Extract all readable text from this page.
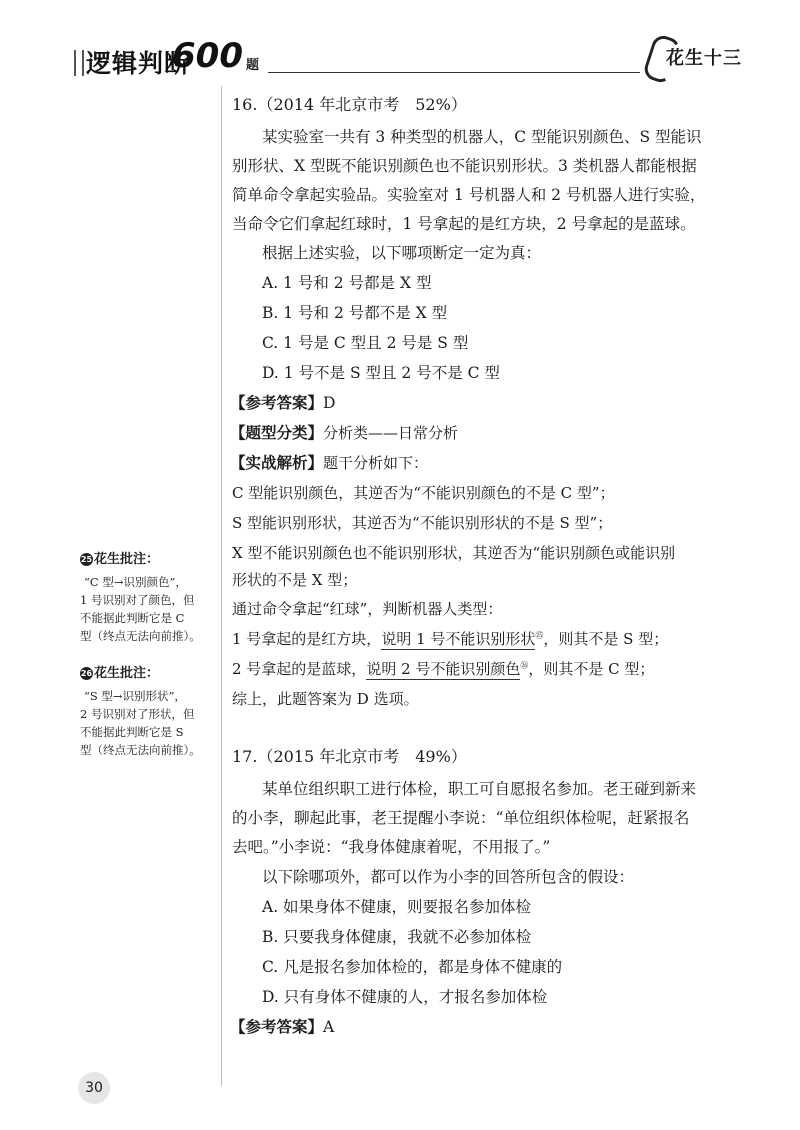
逻辑判断
600 题	花生十三
16.（2014 年北京市考　52%）
某实验室一共有 3 种类型的机器人，C 型能识别颜色、S 型能识
别形状、X 型既不能识别颜色也不能识别形状。3 类机器人都能根据
简单命令拿起实验品。实验室对 1 号机器人和 2 号机器人进行实验，
当命令它们拿起红球时，1 号拿起的是红方块，2 号拿起的是蓝球。
根据上述实验，以下哪项断定一定为真：
A. 1 号和 2 号都是 X 型
B. 1 号和 2 号都不是 X 型
C. 1 号是 C 型且 2 号是 S 型
D. 1 号不是 S 型且 2 号不是 C 型
【参考答案】D
【题型分类】分析类——日常分析
【实战解析】题干分析如下：
C 型能识别颜色，其逆否为“不能识别颜色的不是 C 型”；
S 型能识别形状，其逆否为“不能识别形状的不是 S 型”；
X 型不能识别颜色也不能识别形状，其逆否为“能识别颜色或能识别
形状的不是 X 型；
通过命令拿起“红球”，判断机器人类型：
1 号拿起的是红方块，说明 1 号不能识别形状$^㉕$，则其不是 S 型；
2 号拿起的是蓝球，说明 2 号不能识别颜色$^㉖$，则其不是 C 型；
综上，此题答案为 D 选项。
25 花生批注：
“C 型→识别颜色”，
1 号识别对了颜色，但
不能据此判断它是 C
型（终点无法向前推）。
26 花生批注：
“S 型→识别形状”，
2 号识别对了形状，但
不能据此判断它是 S
型（终点无法向前推）。 17.（2015 年北京市考　49%）
某单位组织职工进行体检，职工可自愿报名参加。老王碰到新来
的小李，聊起此事，老王提醒小李说：“单位组织体检呢，赶紧报名
去吧。”小李说：“我身体健康着呢，不用报了。”
以下除哪项外，都可以作为小李的回答所包含的假设：
A. 如果身体不健康，则要报名参加体检
B. 只要我身体健康，我就不必参加体检
C. 凡是报名参加体检的，都是身体不健康的
D. 只有身体不健康的人，才报名参加体检
【参考答案】A
30
